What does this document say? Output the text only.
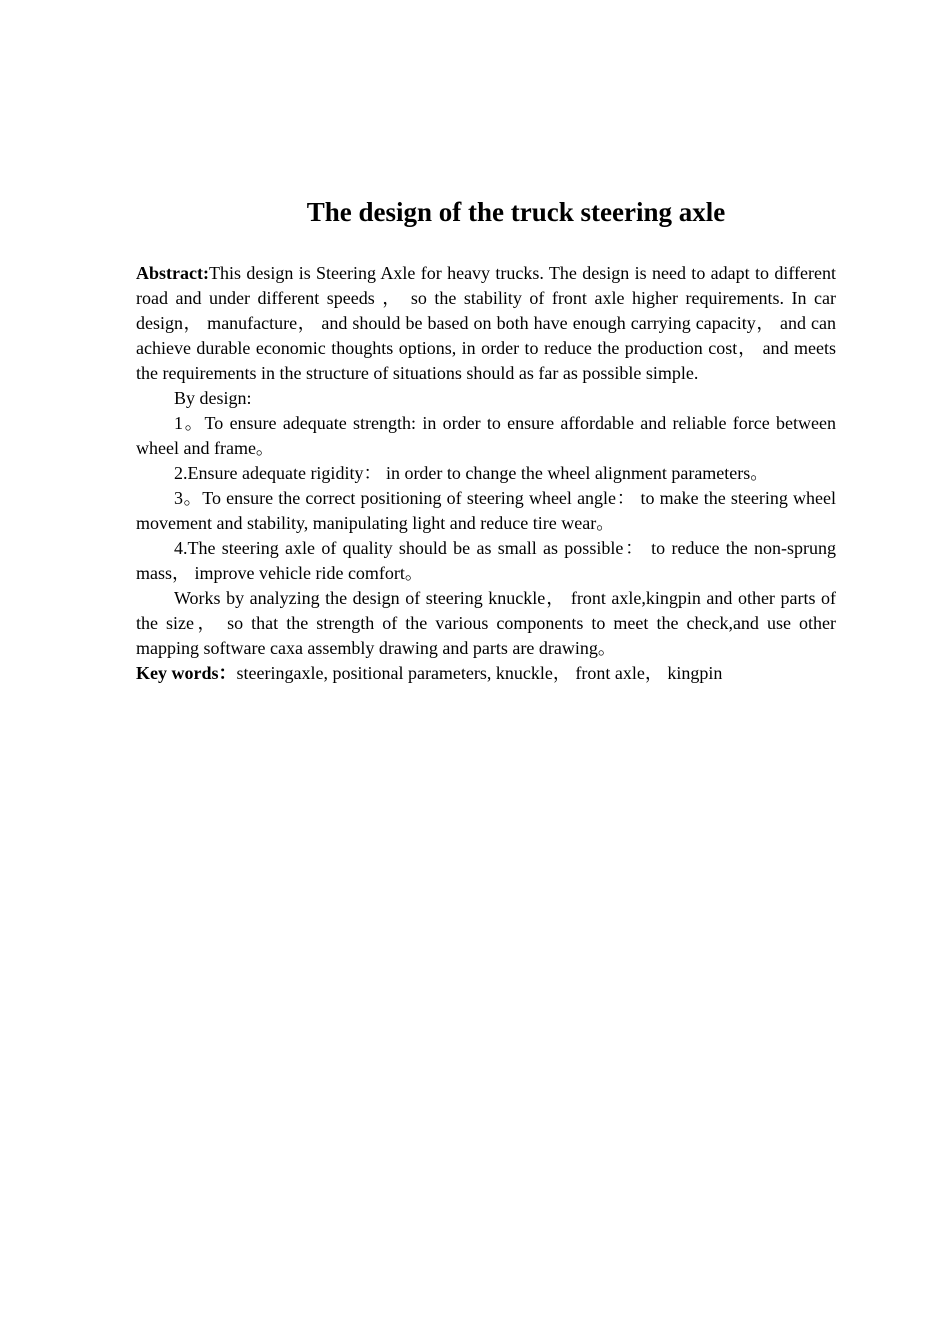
The design of the truck steering axle

Abstract:This design is Steering Axle for heavy trucks. The design is need to adapt to different road and under different speeds ， so the stability of front axle higher requirements. In car design， manufacture， and should be based on both have enough carrying capacity， and can achieve durable economic thoughts options, in order to reduce the production cost， and meets the requirements in the structure of situations should as far as possible simple.

By design:

1。To ensure adequate strength: in order to ensure affordable and reliable force between wheel and frame。

2.Ensure adequate rigidity： in order to change the wheel alignment parameters。

3。To ensure the correct positioning of steering wheel angle： to make the steering wheel movement and stability, manipulating light and reduce tire wear。

4.The steering axle of quality should be as small as possible： to reduce the non-sprung mass， improve vehicle ride comfort。

Works by analyzing the design of steering knuckle， front axle,kingpin and other parts of the size， so that the strength of the various components to meet the check,and use other mapping software caxa assembly drawing and parts are drawing。

Key words：steeringaxle, positional parameters, knuckle， front axle， kingpin
